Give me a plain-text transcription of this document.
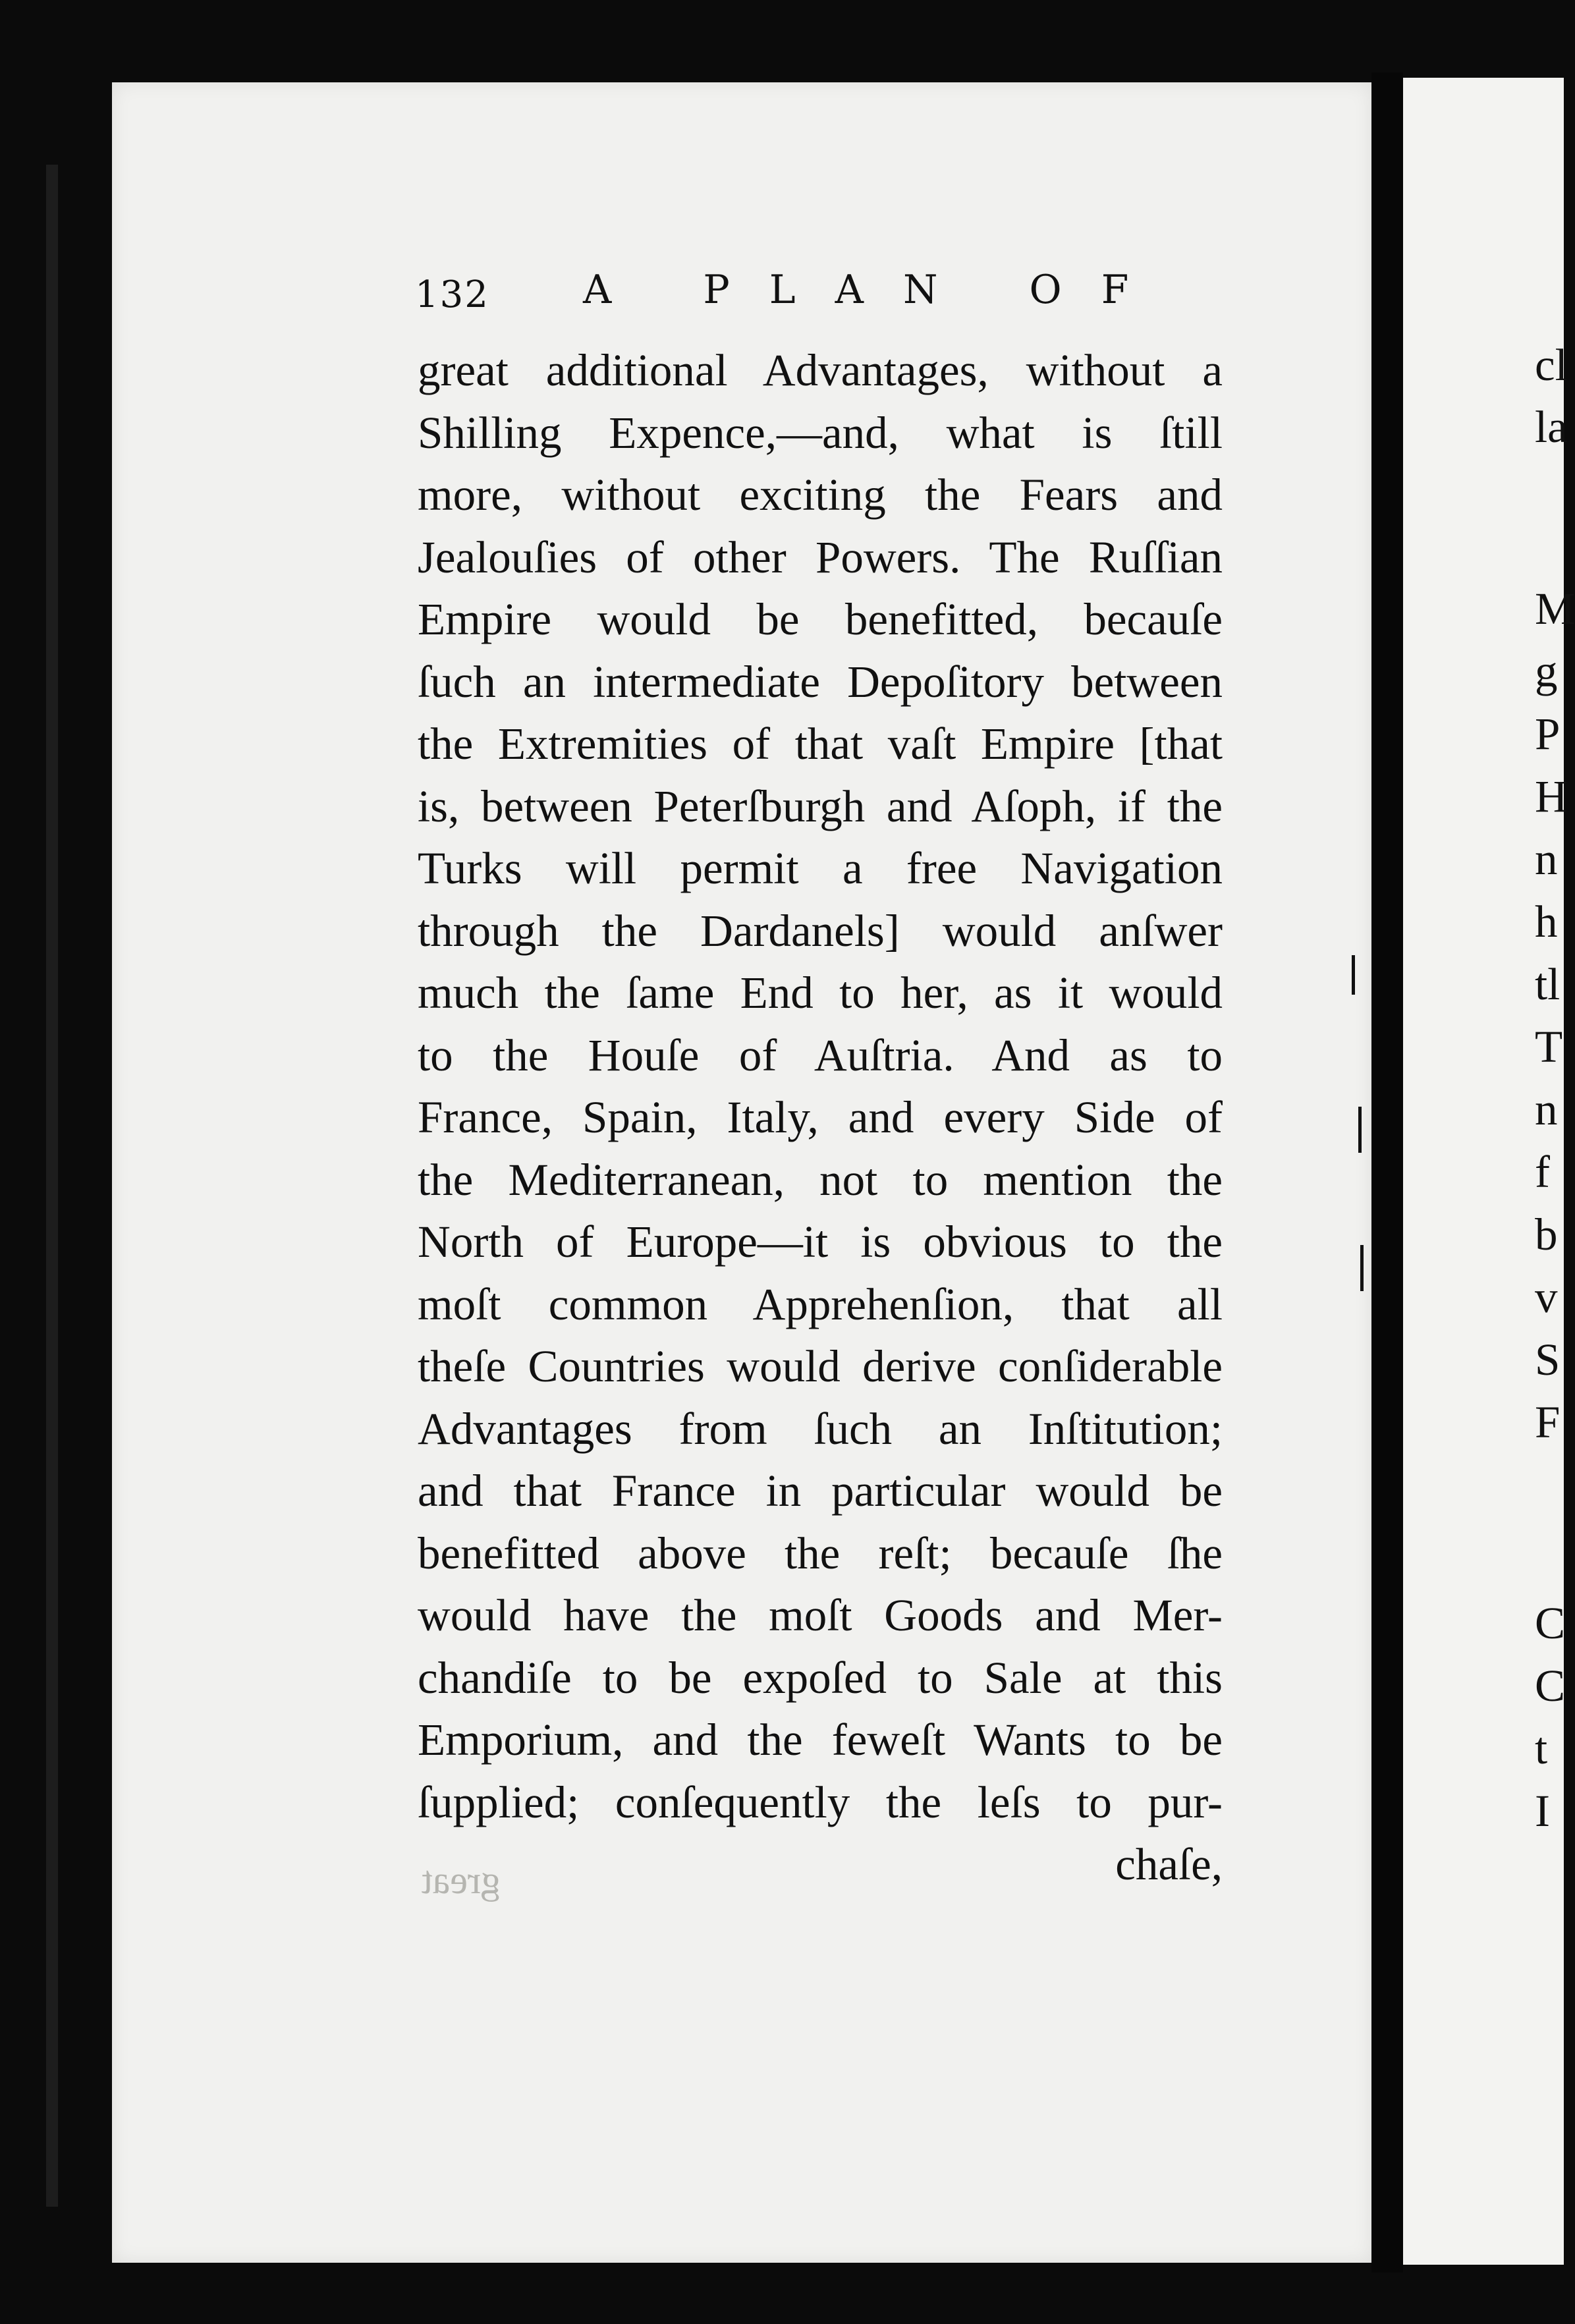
132 A PLAN OF
great additional Advantages, without a
Shilling Expence,—and, what is ſtill
more, without exciting the Fears and
Jealouſies of other Powers. The Ruſſian
Empire would be benefitted, becauſe
ſuch an intermediate Depoſitory between
the Extremities of that vaſt Empire [that
is, between Peterſburgh and Aſoph, if the
Turks will permit a free Navigation
through the Dardanels] would anſwer
much the ſame End to her, as it would
to the Houſe of Auſtria. And as to
France, Spain, Italy, and every Side of
the Mediterranean, not to mention the
North of Europe—it is obvious to the
moſt common Apprehenſion, that all
theſe Countries would derive conſiderable
Advantages from ſuch an Inſtitution;
and that France in particular would be
benefitted above the reſt; becauſe ſhe
would have the moſt Goods and Mer-
chandiſe to be expoſed to Sale at this
Emporium, and the feweſt Wants to be
ſupplied; conſequently the leſs to pur-
chaſe,
great
cl
la
M
g
P
H
n
h
tl
T
n
f
b
v
S
F
C
C
t
I
